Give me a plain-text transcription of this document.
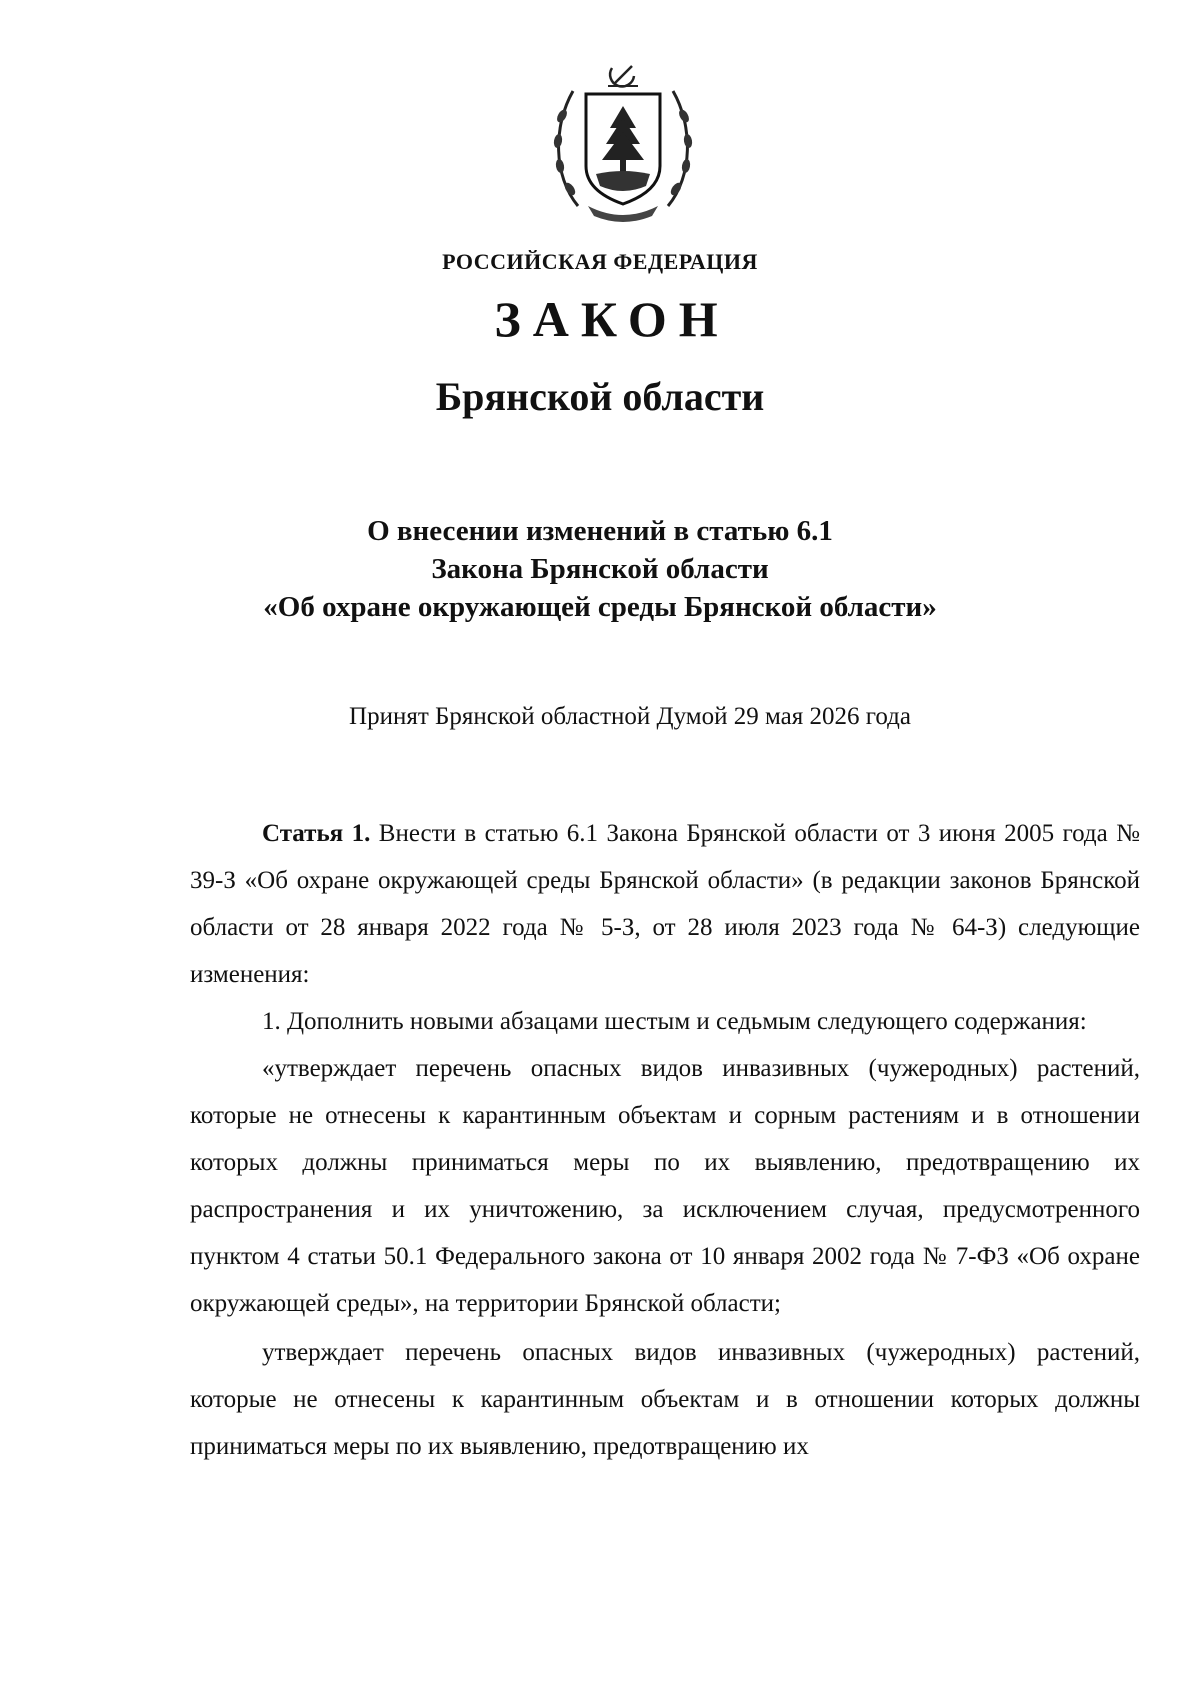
РОССИЙСКАЯ ФЕДЕРАЦИЯ
ЗАКОН
Брянской области
О внесении изменений в статью 6.1
Закона Брянской области
«Об охране окружающей среды Брянской области»
Принят Брянской областной Думой 29 мая 2026 года

Статья 1. Внести в статью 6.1 Закона Брянской области от 3 июня 2005 года № 39-З «Об охране окружающей среды Брянской области» (в редакции законов Брянской области от 28 января 2022 года № 5-З, от 28 июля 2023 года № 64-З) следующие изменения:

1. Дополнить новыми абзацами шестым и седьмым следующего содержания:

«утверждает перечень опасных видов инвазивных (чужеродных) растений, которые не отнесены к карантинным объектам и сорным растениям и в отношении которых должны приниматься меры по их выявлению, предотвращению их распространения и их уничтожению, за исключением случая, предусмотренного пунктом 4 статьи 50.1 Федерального закона от 10 января 2002 года № 7-ФЗ «Об охране окружающей среды», на территории Брянской области;

утверждает перечень опасных видов инвазивных (чужеродных) растений, которые не отнесены к карантинным объектам и в отношении которых должны приниматься меры по их выявлению, предотвращению их
